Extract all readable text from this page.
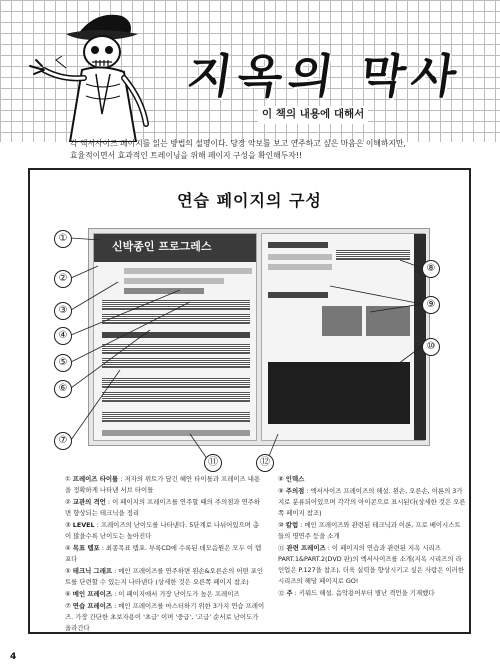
지옥의 막사
이 책의 내용에 대해서
각 엑서사이즈 페이지를 읽는 방법의 설명이다. 당장 악보를 보고 연주하고 싶은 마음은 이해하지만,
효율적이면서 효과적인 트레이닝을 위해 페이지 구성을 확인해두자!!
연습 페이지의 구성
신박종인 프로그레스
①
②
③
④
⑤
⑥
⑦
⑧
⑨
⑩
⑪	⑫

① 프레이즈 타이틀 : 저자의 위트가 담긴 혜안 타이틀과 프레이즈 내용을 정확하게 나타낸 서브 타이틀

② 교관의 격언 : 이 페이지의 프레이즈를 연주할 때의 주의점과 연주하면 향상되는 테크닉을 정리

③ LEVEL : 프레이즈의 난이도를 나타낸다. 5단계로 나뉘어있으며 총이 많을수록 난이도는 높아진다

④ 목표 템포 : 최종목표 템포. 부록CD에 수록된 데모음원은 모두 이 템포다

⑤ 테크닉 그래프 : 메인 프레이즈를 연주하면 왼손&오른손의 어떤 포인트를 단련할 수 있는지 나타낸다 (상세한 것은 오른쪽 페이지 참조)

⑥ 메인 프레이즈 : 이 페이지에서 가장 난이도가 높은 프레이즈

⑦ 연습 프레이즈 : 메인 프레이즈를 마스터하기 위한 3가지 연습 프레이즈. 가장 간단한 초보자용이 '초급' 이며 '중급', '고급' 순서로 난이도가 올라간다

⑧ 인덱스

⑨ 주의점 : 엑서사이즈 프레이즈의 해설. 왼손, 오른손, 이론의 3가지로 분류되어있으며 각각의 아이콘으로 표시된다(상세한 것은 오른쪽 페이지 참조)

⑩ 칼럼 : 메인 프레이즈와 관련된 테크닉과 이론, 프로 베이시스트들의 명연주 등을 소개

⑪ 관련 프레이즈 : 이 페이지의 연습과 관련된 지옥 시리즈 PART.1&PART.2(DVD 판)의 엑서사이즈를 소개(지옥 시리즈의 라인업은 P.127을 참조). 더욱 실력을 향상시키고 싶은 사람은 이러한 시리즈의 해당 페이지로 GO!

⑫ 주 : 키워드 해설. 음악용어부터 별난 격언을 기재했다

4
